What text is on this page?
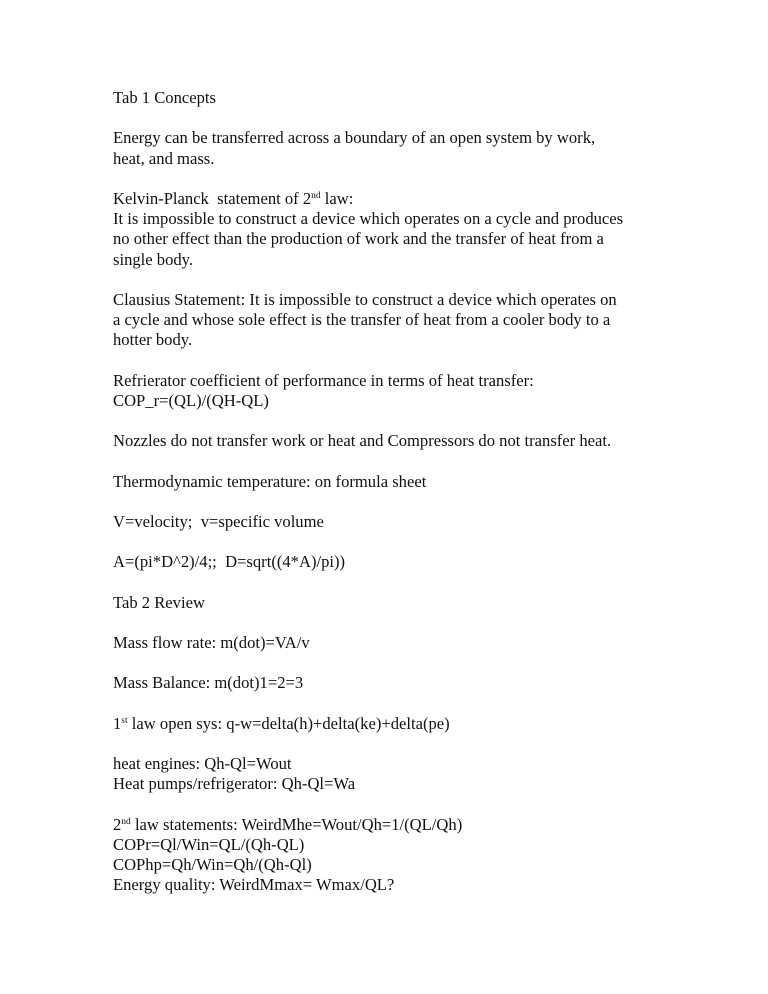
Tab 1 Concepts
Energy can be transferred across a boundary of an open system by work,
heat, and mass.
Kelvin-Planck  statement of 2nd law:
It is impossible to construct a device which operates on a cycle and produces
no other effect than the production of work and the transfer of heat from a
single body.
Clausius Statement: It is impossible to construct a device which operates on
a cycle and whose sole effect is the transfer of heat from a cooler body to a
hotter body.
Refrierator coefficient of performance in terms of heat transfer:
COP_r=(QL)/(QH-QL)
Nozzles do not transfer work or heat and Compressors do not transfer heat.
Thermodynamic temperature: on formula sheet
V=velocity;  v=specific volume
A=(pi*D^2)/4;;  D=sqrt((4*A)/pi))
Tab 2 Review
Mass flow rate: m(dot)=VA/v
Mass Balance: m(dot)1=2=3
1st law open sys: q-w=delta(h)+delta(ke)+delta(pe)
heat engines: Qh-Ql=Wout
Heat pumps/refrigerator: Qh-Ql=Wa
2nd law statements: WeirdMhe=Wout/Qh=1/(QL/Qh)
COPr=Ql/Win=QL/(Qh-QL)
COPhp=Qh/Win=Qh/(Qh-Ql)
Energy quality: WeirdMmax= Wmax/QL?
